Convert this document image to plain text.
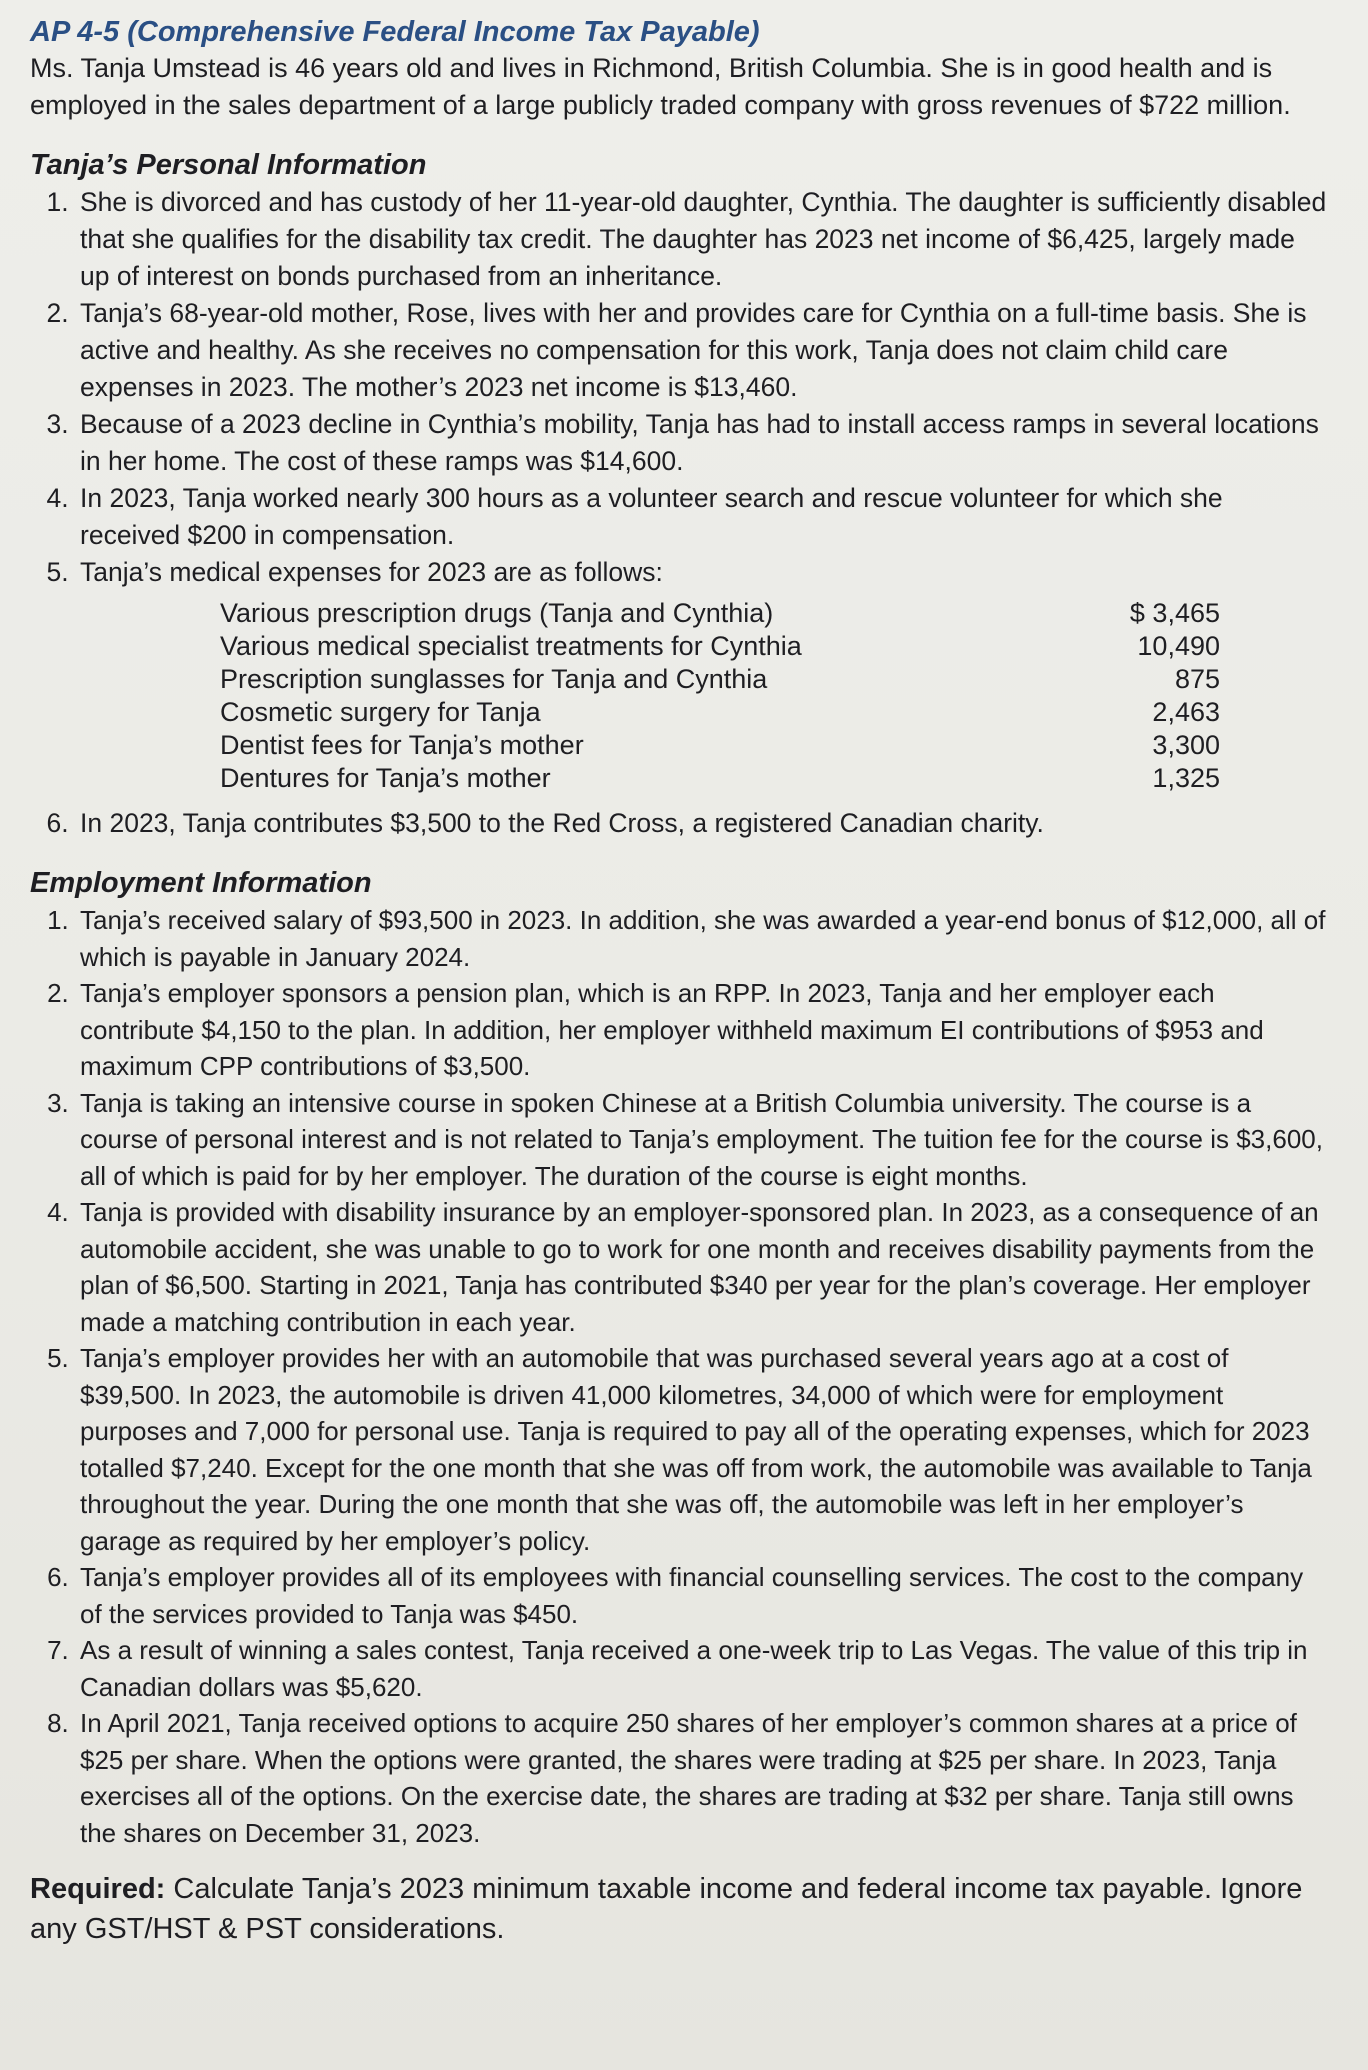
AP 4-5 (Comprehensive Federal Income Tax Payable)

Ms. Tanja Umstead is 46 years old and lives in Richmond, British Columbia. She is in good health and is employed in the sales department of a large publicly traded company with gross revenues of $722 million.

Tanja’s Personal Information
1. She is divorced and has custody of her 11-year-old daughter, Cynthia. The daughter is sufficiently disabled that she qualifies for the disability tax credit. The daughter has 2023 net income of $6,425, largely made up of interest on bonds purchased from an inheritance.
2. Tanja’s 68-year-old mother, Rose, lives with her and provides care for Cynthia on a full-time basis. She is active and healthy. As she receives no compensation for this work, Tanja does not claim child care expenses in 2023. The mother’s 2023 net income is $13,460.
3. Because of a 2023 decline in Cynthia’s mobility, Tanja has had to install access ramps in several locations in her home. The cost of these ramps was $14,600.
4. In 2023, Tanja worked nearly 300 hours as a volunteer search and rescue volunteer for which she received $200 in compensation.
5. Tanja’s medical expenses for 2023 are as follows:
Various prescription drugs (Tanja and Cynthia)	$ 3,465
Various medical specialist treatments for Cynthia	10,490
Prescription sunglasses for Tanja and Cynthia	875
Cosmetic surgery for Tanja	2,463
Dentist fees for Tanja’s mother	3,300
Dentures for Tanja’s mother	1,325
6. In 2023, Tanja contributes $3,500 to the Red Cross, a registered Canadian charity.
Employment Information
1. Tanja’s received salary of $93,500 in 2023. In addition, she was awarded a year-end bonus of $12,000, all of which is payable in January 2024.
2. Tanja’s employer sponsors a pension plan, which is an RPP. In 2023, Tanja and her employer each contribute $4,150 to the plan. In addition, her employer withheld maximum EI contributions of $953 and maximum CPP contributions of $3,500.
3. Tanja is taking an intensive course in spoken Chinese at a British Columbia university. The course is a course of personal interest and is not related to Tanja’s employment. The tuition fee for the course is $3,600, all of which is paid for by her employer. The duration of the course is eight months.
4. Tanja is provided with disability insurance by an employer-sponsored plan. In 2023, as a consequence of an automobile accident, she was unable to go to work for one month and receives disability payments from the plan of $6,500. Starting in 2021, Tanja has contributed $340 per year for the plan’s coverage. Her employer made a matching contribution in each year.
5. Tanja’s employer provides her with an automobile that was purchased several years ago at a cost of $39,500. In 2023, the automobile is driven 41,000 kilometres, 34,000 of which were for employment purposes and 7,000 for personal use. Tanja is required to pay all of the operating expenses, which for 2023 totalled $7,240. Except for the one month that she was off from work, the automobile was available to Tanja throughout the year. During the one month that she was off, the automobile was left in her employer’s garage as required by her employer’s policy.
6. Tanja’s employer provides all of its employees with financial counselling services. The cost to the company of the services provided to Tanja was $450.
7. As a result of winning a sales contest, Tanja received a one-week trip to Las Vegas. The value of this trip in Canadian dollars was $5,620.
8. In April 2021, Tanja received options to acquire 250 shares of her employer’s common shares at a price of $25 per share. When the options were granted, the shares were trading at $25 per share. In 2023, Tanja exercises all of the options. On the exercise date, the shares are trading at $32 per share. Tanja still owns the shares on December 31, 2023.
Required: Calculate Tanja’s 2023 minimum taxable income and federal income tax payable. Ignore any GST/HST & PST considerations.
